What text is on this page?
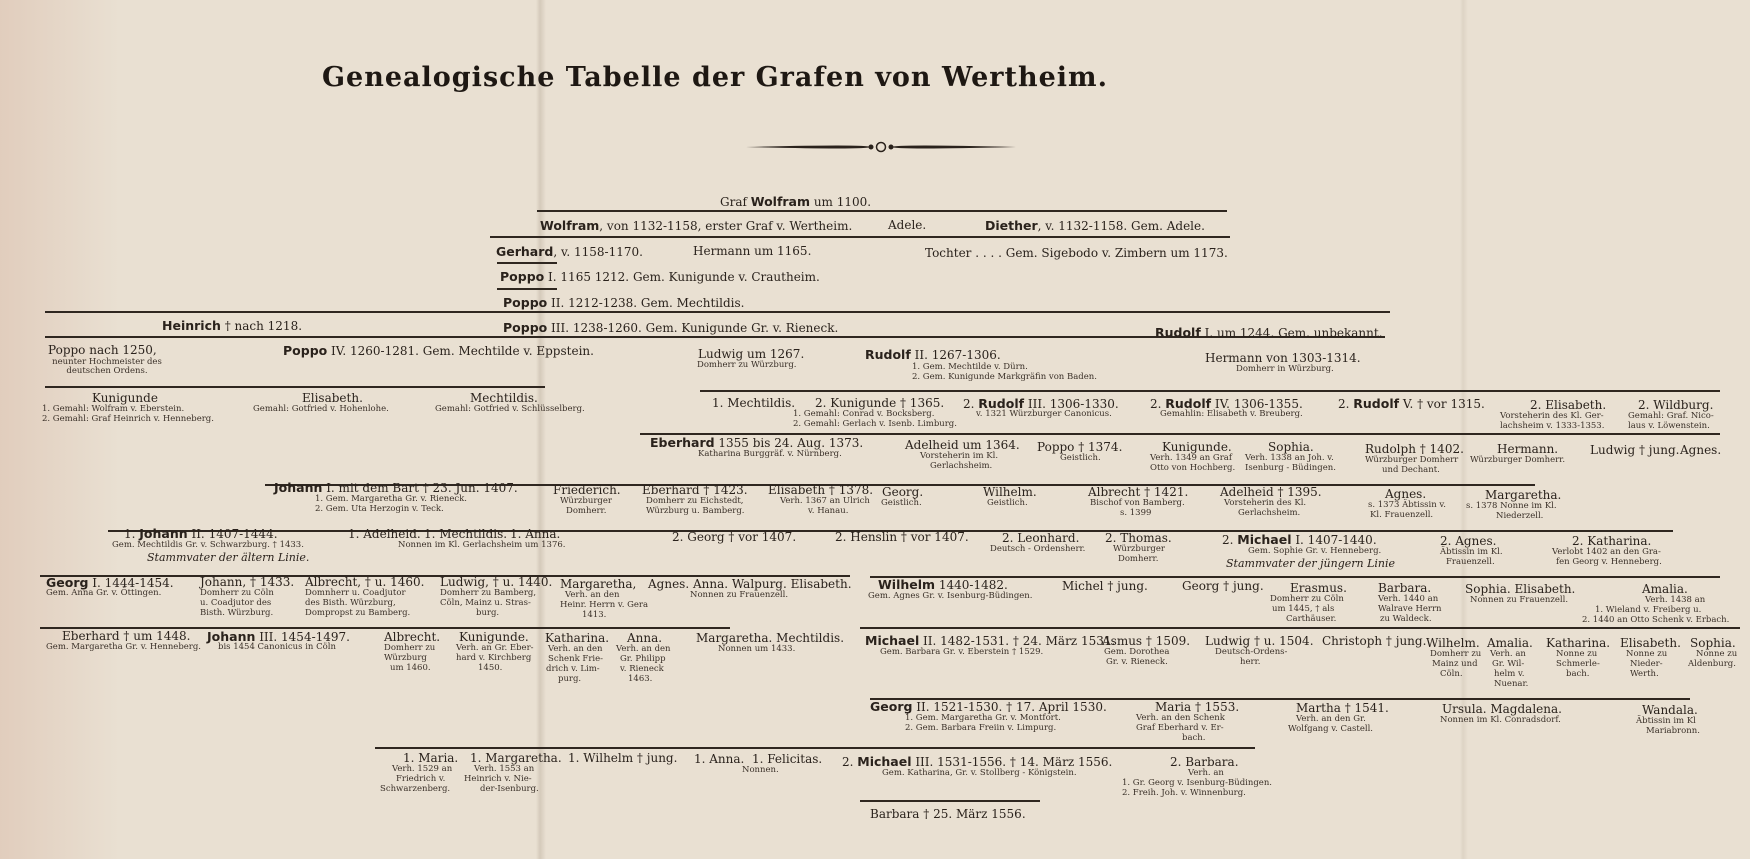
Genealogische Tabelle der Grafen von Wertheim.
Graf Wolfram um 1100.
Wolfram, von 1132-1158, erster Graf v. Wertheim.	Adele.	Diether, v. 1132-1158. Gem. Adele.
Gerhard, v. 1158-1170.	Hermann um 1165.	Tochter . . . . Gem. Sigebodo v. Zimbern um 1173.
Poppo I. 1165 1212. Gem. Kunigunde v. Crautheim.
Poppo II. 1212-1238. Gem. Mechtildis.
Heinrich † nach 1218.	Poppo III. 1238-1260. Gem. Kunigunde Gr. v. Rieneck.	Rudolf I. um 1244. Gem. unbekannt.
Poppo nach 1250,
neunter Hochmeister des deutschen Ordens.
Poppo IV. 1260-1281. Gem. Mechtilde v. Eppstein.	Ludwig um 1267.
Domherr zu Würzburg.
Rudolf II. 1267-1306.
1. Gem. Mechtilde v. Dürn.
2. Gem. Kunigunde Markgräfin von Baden.
Hermann von 1303-1314.
Domherr in Würzburg.
Kunigunde
1. Gemahl: Wolfram v. Eberstein.
2. Gemahl: Graf Heinrich v. Henneberg.
Elisabeth.
Gemahl: Gotfried v. Hohenlohe.
Mechtildis.
Gemahl: Gotfried v. Schlüsselberg.	1. Mechtildis. 2. Kunigunde † 1365.
1. Gemahl: Conrad v. Bocksberg.
2. Gemahl: Gerlach v. Isenb. Limburg.
2. Rudolf III. 1306-1330.
v. 1321 Würzburger Canonicus.
2. Rudolf IV. 1306-1355.
Gemahlin: Elisabeth v. Breuberg.
2. Rudolf V. † vor 1315.	2. Elisabeth.
Vorsteherin des Kl. Ger-
lachsheim v. 1333-1353.
2. Wildburg.
Gemahl: Graf. Nico-
laus v. Löwenstein.
Eberhard 1355 bis 24. Aug. 1373.
Katharina Burggräf. v. Nürnberg.
Adelheid um 1364.
Vorsteherin im Kl.
Gerlachsheim.
Poppo † 1374.
Geistlich.
Kunigunde.
Verh. 1349 an Graf
Otto von Hochberg.
Sophia.
Verh. 1338 an Joh. v.
Isenburg - Büdingen.
Rudolph † 1402.
Würzburger Domherr
und Dechant.
Hermann.
Würzburger Domherr.
Ludwig † jung. Agnes.
Johann I. mit dem Bart † 23. Jun. 1407.
1. Gem. Margaretha Gr. v. Rieneck.
2. Gem. Uta Herzogin v. Teck.
Friederich.
Würzburger
Domherr.
Eberhard † 1423.
Domherr zu Eichstedt,
Würzburg u. Bamberg.
Elisabeth † 1378.
Verh. 1367 an Ulrich
v. Hanau.
Georg.
Geistlich.
Wilhelm.
Geistlich.
Albrecht † 1421.
Bischof von Bamberg.
s. 1399
Adelheid † 1395.
Vorsteherin des Kl.
Gerlachsheim.
Agnes.
s. 1373 Äbtissin v.
Kl. Frauenzell.
Margaretha.
s. 1378 Nonne im Kl.
Niederzell.
1. Johann II. 1407-1444.
Gem. Mechtildis Gr. v. Schwarzburg. † 1433.
Stammvater der ältern Linie.
1. Adelheid. 1. Mechtildis. 1. Anna.
Nonnen im Kl. Gerlachsheim um 1376.
2. Georg † vor 1407.	2. Henslin † vor 1407.	2. Leonhard.
Deutsch - Ordensherr.
2. Thomas.
Würzburger
Domherr.
2. Michael I. 1407-1440.
Gem. Sophie Gr. v. Henneberg.
Stammvater der jüngern Linie
2. Agnes.
Äbtissin im Kl.
Frauenzell.
2. Katharina.
Verlobt 1402 an den Gra-
fen Georg v. Henneberg.
Georg I. 1444-1454.
Gem. Anna Gr. v. Öttingen.
Johann, † 1433.
Domherr zu Cöln
u. Coadjutor des
Bisth. Würzburg.
Albrecht, † u. 1460.
Domnherr u. Coadjutor
des Bisth. Würzburg,
Dompropst zu Bamberg.
Ludwig, † u. 1440.
Domherr zu Bamberg,
Cöln, Mainz u. Stras-
burg.
Margaretha,
Verh. an den
Heinr. Herrn v. Gera
1413.
Agnes. Anna. Walpurg. Elisabeth.
Nonnen zu Frauenzell.
Wilhelm 1440-1482.
Gem. Agnes Gr. v. Isenburg-Büdingen.
Michel † jung.	Georg † jung. Erasmus.
Domherr zu Cöln
um 1445, † als
Carthäuser.
Barbara.
Verh. 1440 an
Walrave Herrn
zu Waldeck.
Sophia. Elisabeth.
Nonnen zu Frauenzell.
Amalia.
Verh. 1438 an
1. Wieland v. Freiberg u.
2. 1440 an Otto Schenk v. Erbach.
Eberhard † um 1448.
Gem. Margaretha Gr. v. Henneberg.
Johann III. 1454-1497.
bis 1454 Canonicus in Cöln
Albrecht.
Domherr zu
Würzburg
um 1460.
Kunigunde.
Verh. an Gr. Eber-
hard v. Kirchberg
1450.
Katharina.
Verh. an den
Schenk Frie-
drich v. Lim-
purg.
Anna.
Verh. an den
Gr. Philipp
v. Rieneck
1463.
Margaretha. Mechtildis.
Nonnen um 1433.
Michael II. 1482-1531. † 24. März 1531.
Gem. Barbara Gr. v. Eberstein † 1529.
Asmus † 1509.
Gem. Dorothea
Gr. v. Rieneck.
Ludwig † u. 1504.
Deutsch-Ordens-
herr.
Christoph † jung. Wilhelm.
Domherr zu
Mainz und
Cöln.
Amalia.
Verh. an
Gr. Wil-
helm v.
Nuenar.
Katharina.
Nonne zu
Schmerle-
bach.
Elisabeth.
Nonne zu
Nieder-
Werth.
Sophia.
Nonne zu
Aldenburg.
Georg II. 1521-1530. † 17. April 1530.
1. Gem. Margaretha Gr. v. Montfort.
2. Gem. Barbara Freiin v. Limpurg.
Maria † 1553.
Verh. an den Schenk
Graf Eberhard v. Er-
bach.
Martha † 1541.
Verh. an den Gr.
Wolfgang v. Castell.
Ursula. Magdalena.
Nonnen im Kl. Conradsdorf.
Wandala.
Äbtissin im Kl
Mariabronn.
1. Maria.
Verh. 1529 an
Friedrich v.
Schwarzenberg.
1. Margaretha.
Verh. 1553 an
Heinrich v. Nie-
der-Isenburg.
1. Wilhelm † jung. 1. Anna. 1. Felicitas.
Nonnen.
2. Michael III. 1531-1556. † 14. März 1556.
Gem. Katharina, Gr. v. Stollberg - Königstein.
2. Barbara.
Verh. an
1. Gr. Georg v. Isenburg-Büdingen.
2. Freih. Joh. v. Winnenburg.
Barbara † 25. März 1556.
